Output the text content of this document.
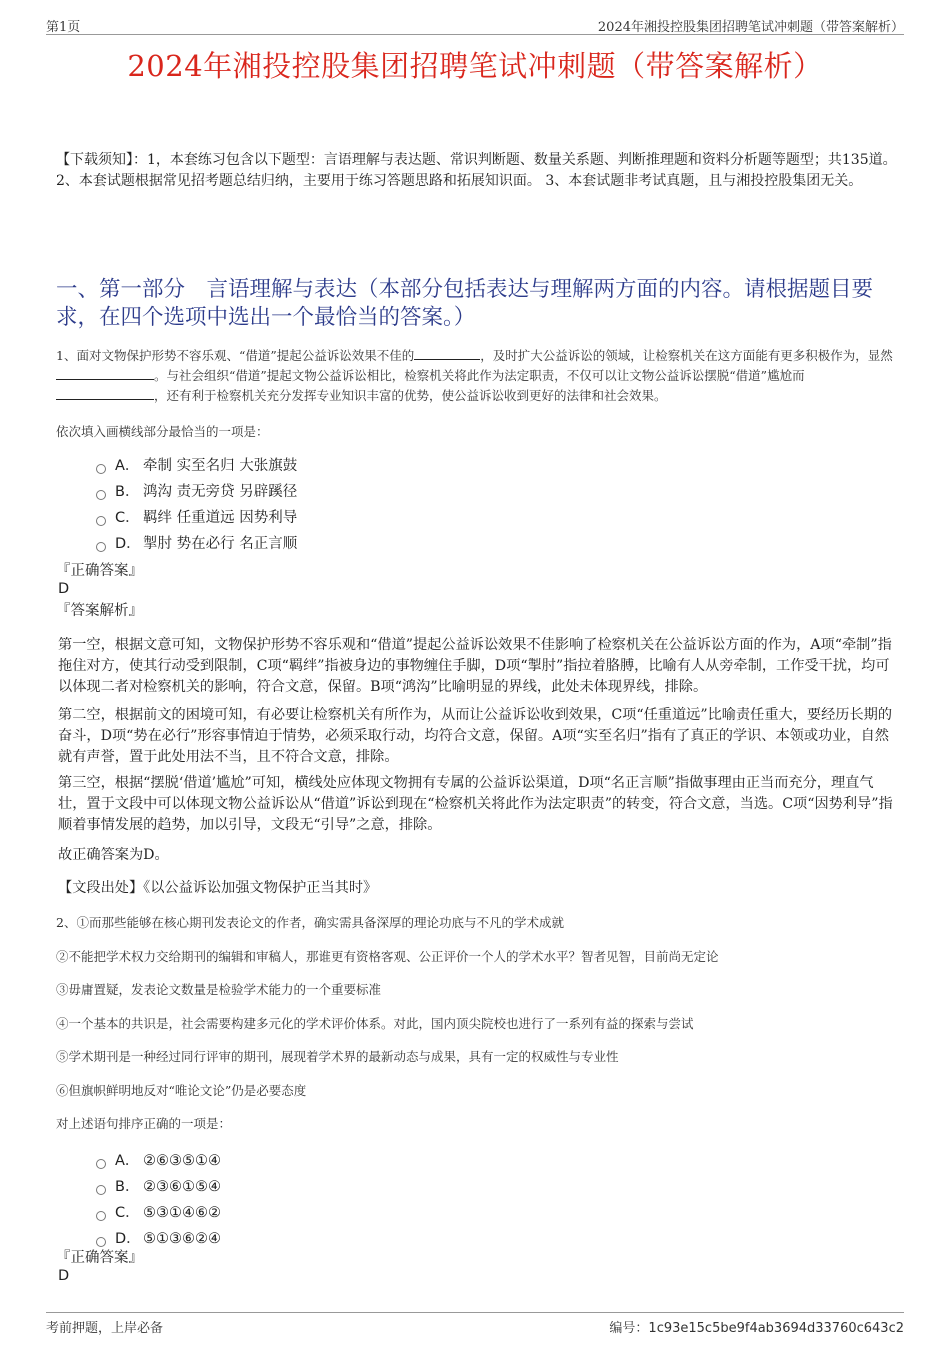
第1页	2024年湘投控股集团招聘笔试冲刺题（带答案解析）
2024年湘投控股集团招聘笔试冲刺题（带答案解析）
【下载须知】：1，本套练习包含以下题型：言语理解与表达题、常识判断题、数量关系题、判断推理题和资料分析题等题型；共135道。 2、本套试题根据常见招考题总结归纳，主要用于练习答题思路和拓展知识面。 3、本套试题非考试真题，且与湘投控股集团无关。
一、第一部分　言语理解与表达（本部分包括表达与理解两方面的内容。请根据题目要求，在四个选项中选出一个最恰当的答案。）
1、面对文物保护形势不容乐观、“借道”提起公益诉讼效果不佳的	，及时扩大公益诉讼的领域，让检察机关在这方面能有更多积极作为，显然。与社会组织“借道”提起文物公益诉讼相比，检察机关将此作为法定职责，不仅可以让文物公益诉讼摆脱“借道”尴尬而，还有利于检察机关充分发挥专业知识丰富的优势，使公益诉讼收到更好的法律和社会效果。
依次填入画横线部分最恰当的一项是：
A． 牵制 实至名归 大张旗鼓
B． 鸿沟 责无旁贷 另辟蹊径
C． 羁绊 任重道远 因势利导
D． 掣肘 势在必行 名正言顺
『正确答案』
D
『答案解析』
第一空，根据文意可知，文物保护形势不容乐观和“借道”提起公益诉讼效果不佳影响了检察机关在公益诉讼方面的作为，A项“牵制”指拖住对方，使其行动受到限制，C项“羁绊”指被身边的事物缠住手脚，D项“掣肘”指拉着胳膊，比喻有人从旁牵制，工作受干扰，均可以体现二者对检察机关的影响，符合文意，保留。B项“鸿沟”比喻明显的界线，此处未体现界线，排除。
第二空，根据前文的困境可知，有必要让检察机关有所作为，从而让公益诉讼收到效果，C项“任重道远”比喻责任重大，要经历长期的奋斗，D项“势在必行”形容事情迫于情势，必须采取行动，均符合文意，保留。A项“实至名归”指有了真正的学识、本领或功业，自然就有声誉，置于此处用法不当，且不符合文意，排除。
第三空，根据“摆脱‘借道’尴尬”可知，横线处应体现文物拥有专属的公益诉讼渠道，D项“名正言顺”指做事理由正当而充分，理直气壮，置于文段中可以体现文物公益诉讼从“借道”诉讼到现在“检察机关将此作为法定职责”的转变，符合文意，当选。C项“因势利导”指顺着事情发展的趋势，加以引导，文段无“引导”之意，排除。
故正确答案为D。
【文段出处】《以公益诉讼加强文物保护正当其时》
2、①而那些能够在核心期刊发表论文的作者，确实需具备深厚的理论功底与不凡的学术成就
②不能把学术权力交给期刊的编辑和审稿人，那谁更有资格客观、公正评价一个人的学术水平？智者见智，目前尚无定论
③毋庸置疑，发表论文数量是检验学术能力的一个重要标准
④一个基本的共识是，社会需要构建多元化的学术评价体系。对此，国内顶尖院校也进行了一系列有益的探索与尝试
⑤学术期刊是一种经过同行评审的期刊，展现着学术界的最新动态与成果，具有一定的权威性与专业性
⑥但旗帜鲜明地反对“唯论文论”仍是必要态度
对上述语句排序正确的一项是：
A． ②⑥③⑤①④
B． ②③⑥①⑤④
C． ⑤③①④⑥②
D． ⑤①③⑥②④
『正确答案』
D
考前押题，上岸必备	编号：1c93e15c5be9f4ab3694d33760c643c2
